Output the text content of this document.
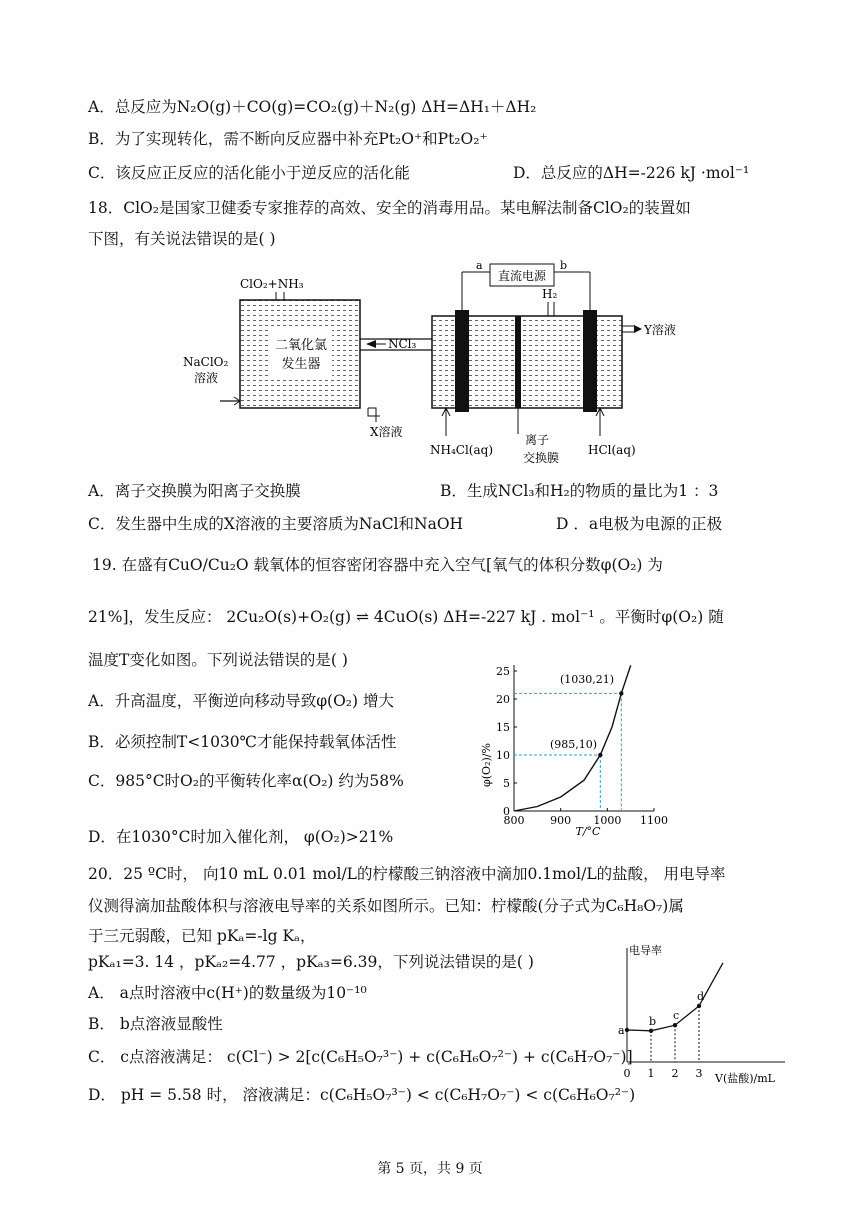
A．总反应为N₂O(g)＋CO(g)=CO₂(g)＋N₂(g) ΔH=ΔH₁＋ΔH₂
B．为了实现转化，需不断向反应器中补充Pt₂O⁺和Pt₂O₂⁺
C．该反应正反应的活化能小于逆反应的活化能	D．总反应的ΔH=-226 kJ ·mol⁻¹
18．ClO₂是国家卫健委专家推荐的高效、安全的消毒用品。某电解法制备ClO₂的装置如
下图，有关说法错误的是( )
二氧化氯
发生器
ClO₂+NH₃
NaClO₂
溶液
X溶液
NCl₃
直流电源
a	b
H₂
Y溶液
NH₄Cl(aq)
离子
交换膜
HCl(aq)
A．离子交换膜为阳离子交换膜	B．生成NCl₃和H₂的物质的量比为1 ：3
C．发生器中生成的X溶液的主要溶质为NaCl和NaOH	D ．a电极为电源的正极
19. 在盛有CuO/Cu₂O 载氧体的恒容密闭容器中充入空气[氧气的体积分数φ(O₂) 为
21%]，发生反应： 2Cu₂O(s)+O₂(g) ⇌ 4CuO(s) ΔH=-227 kJ . mol⁻¹ 。平衡时φ(O₂) 随
温度T变化如图。下列说法错误的是( )
A．升高温度，平衡逆向移动导致φ(O₂) 增大
B．必须控制T<1030℃才能保持载氧体活性
C．985°C时O₂的平衡转化率α(O₂) 约为58%
D．在1030°C时加入催化剂， φ(O₂)>21%
800 900 1000 1100
0
5
10
15
20
25
φ(O₂)/%
T/°C
(985,10)
(1030,21)
20．25 ºC时， 向10 mL 0.01 mol/L的柠檬酸三钠溶液中滴加0.1mol/L的盐酸， 用电导率
仪测得滴加盐酸体积与溶液电导率的关系如图所示。已知：柠檬酸(分子式为C₆H₈O₇)属
于三元弱酸，已知 pKₐ=-lg Kₐ，
pKₐ₁=3. 14 ，pKₐ₂=4.77 ，pKₐ₃=6.39，下列说法错误的是( )
A． a点时溶液中c(H⁺)的数量级为10⁻¹⁰
B． b点溶液显酸性
C． c点溶液满足： c(Cl⁻) > 2[c(C₆H₅O₇³⁻) + c(C₆H₆O₇²⁻) + c(C₆H₇O₇⁻)]
D． pH = 5.58 时， 溶液满足：c(C₆H₅O₇³⁻) < c(C₆H₇O₇⁻) < c(C₆H₆O₇²⁻)
0 1 2 3
a
b c
d
电导率
V(盐酸)/mL
第 5 页，共 9 页
